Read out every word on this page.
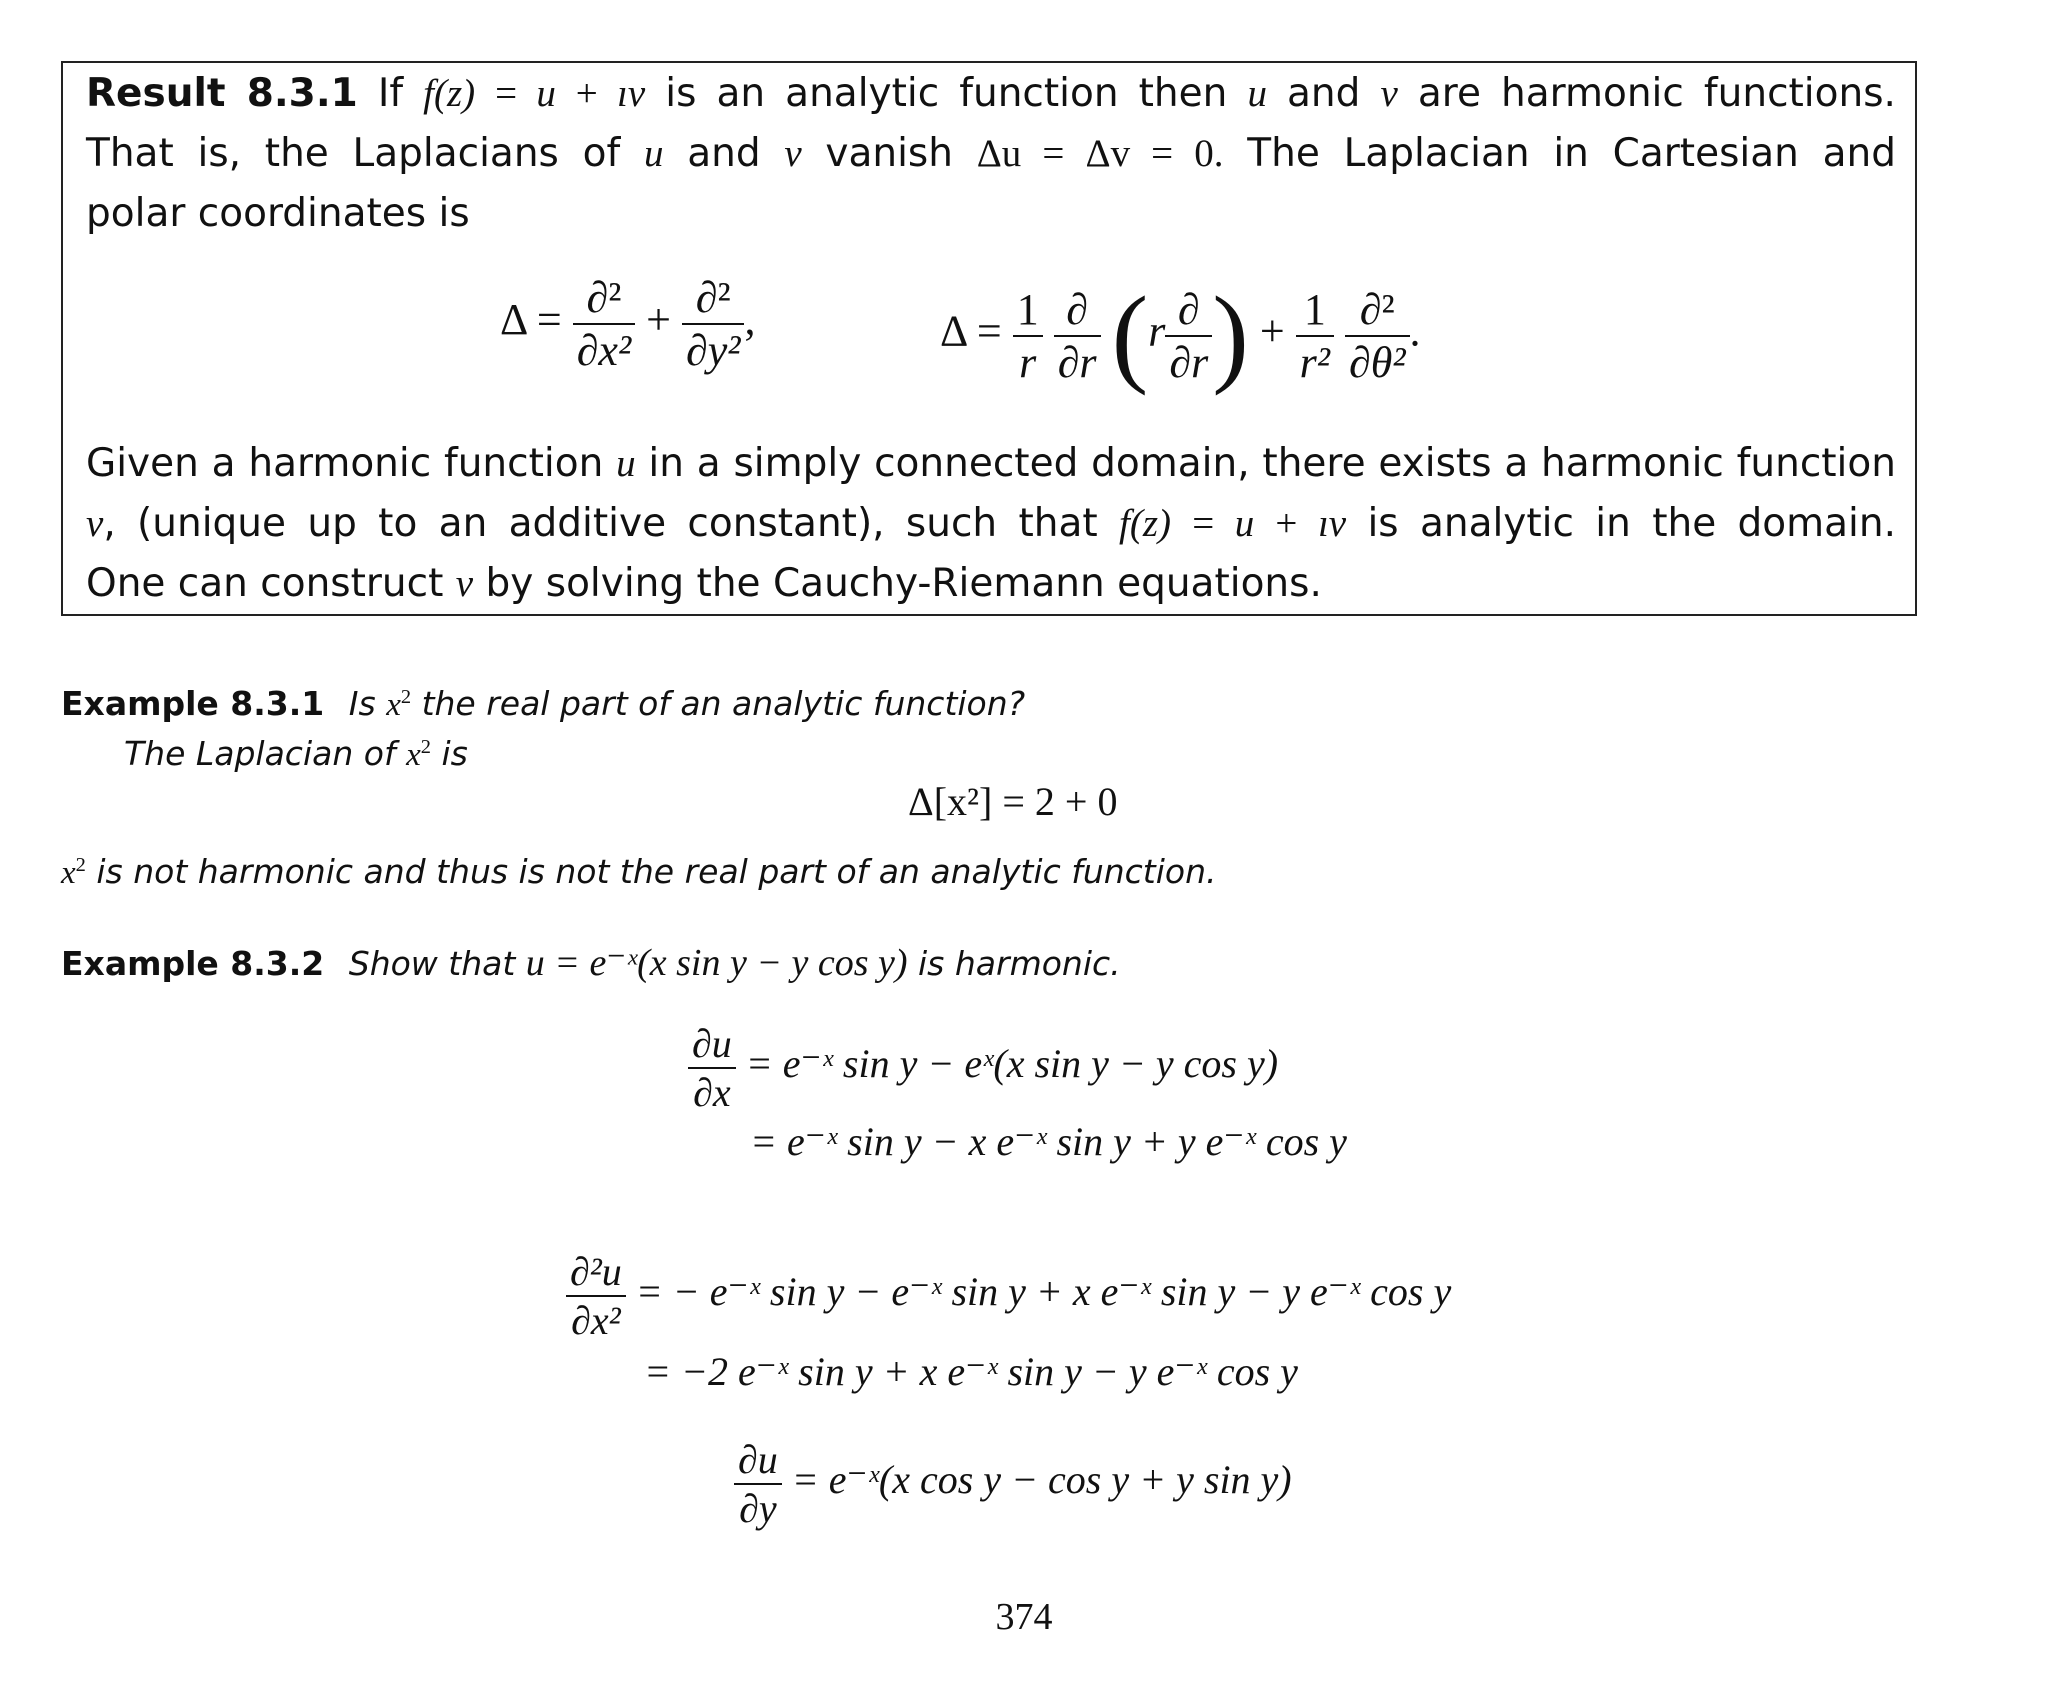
Result 8.3.1 If f(z) = u + ıv is an analytic function then u and v are harmonic functions.
That is, the Laplacians of u and v vanish Δu = Δv = 0. The Laplacian in Cartesian and
polar coordinates is
$\Delta = \frac{\text{∂²}}{\text{∂x²}} + \frac{\text{∂²}}{\text{∂y²}}$ ,	$\Delta = \frac{1}{r}$
$\frac{\partial}{\partial r} (r \frac{\partial}{\partial r}$ ) + $\frac{1}{\text{r²}}$
$\frac{\text{∂²}}{\text{∂θ²}}$ .
Given a harmonic function u in a simply connected domain, there exists a harmonic function
v, (unique up to an additive constant), such that f(z) = u + ıv is analytic in the domain.
One can construct v by solving the Cauchy-Riemann equations.
Example 8.3.1 Is $x^2$ the real part of an analytic function?
The Laplacian of $x^2$ is
Δ[x²] = 2 + 0
$x^2$ is not harmonic and thus is not the real part of an analytic function.
Example 8.3.2 Show that u = e⁻ˣ(x sin y − y cos y) is harmonic.
$\frac{\partial u}{\partial x}$ = e⁻ˣ sin y − eˣ(x sin y − y cos y)
= e⁻ˣ sin y − x e⁻ˣ sin y + y e⁻ˣ cos y
$\frac{\text{∂²u}}{\text{∂x²}}$ = − e⁻ˣ sin y − e⁻ˣ sin y + x e⁻ˣ sin y − y e⁻ˣ cos y
= −2 e⁻ˣ sin y + x e⁻ˣ sin y − y e⁻ˣ cos y
$\frac{\partial u}{\partial y}$ = e⁻ˣ(x cos y − cos y + y sin y)
374
